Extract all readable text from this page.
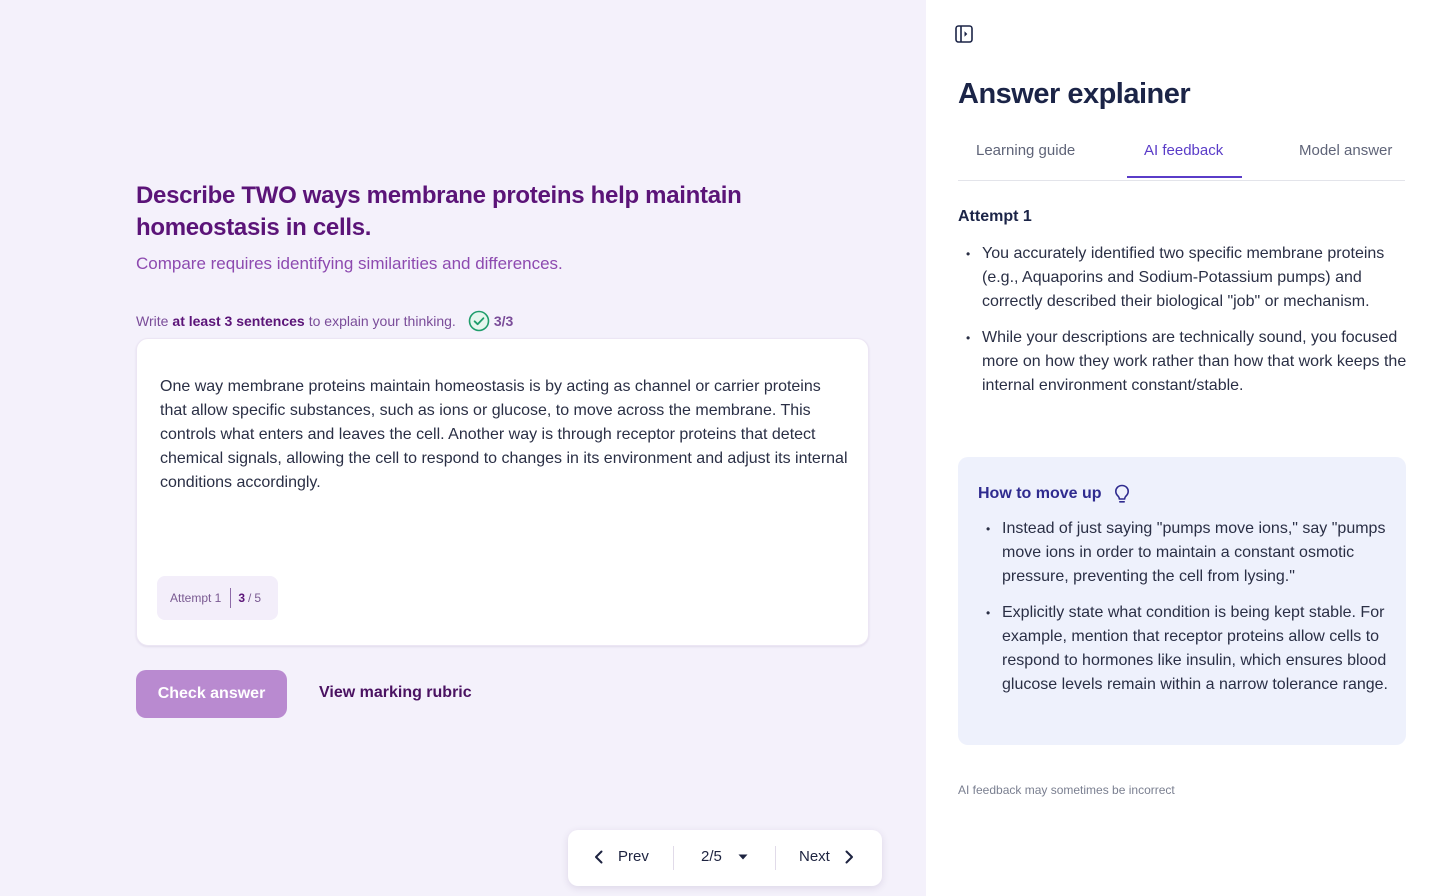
Describe TWO ways membrane proteins help maintain homeostasis in cells.
Compare requires identifying similarities and differences.
Write at least 3 sentences to explain your thinking.	3/3

One way membrane proteins maintain homeostasis is by acting as channel or carrier proteins that allow specific substances, such as ions or glucose, to move across the membrane. This controls what enters and leaves the cell. Another way is through receptor proteins that detect chemical signals, allowing the cell to respond to changes in its environment and adjust its internal conditions accordingly.

Attempt 1 3 / 5
Check answer	View marking rubric
Prev	2/5	Next
Answer explainer
Learning guide	AI feedback	Model answer
Attempt 1
• You accurately identified two specific membrane proteins (e.g., Aquaporins and Sodium-Potassium pumps) and correctly described their biological "job" or mechanism.
• While your descriptions are technically sound, you focused more on how they work rather than how that work keeps the internal environment constant/stable.
How to move up
• Instead of just saying "pumps move ions," say "pumps move ions in order to maintain a constant osmotic pressure, preventing the cell from lysing."
• Explicitly state what condition is being kept stable. For example, mention that receptor proteins allow cells to respond to hormones like insulin, which ensures blood glucose levels remain within a narrow tolerance range.
AI feedback may sometimes be incorrect
